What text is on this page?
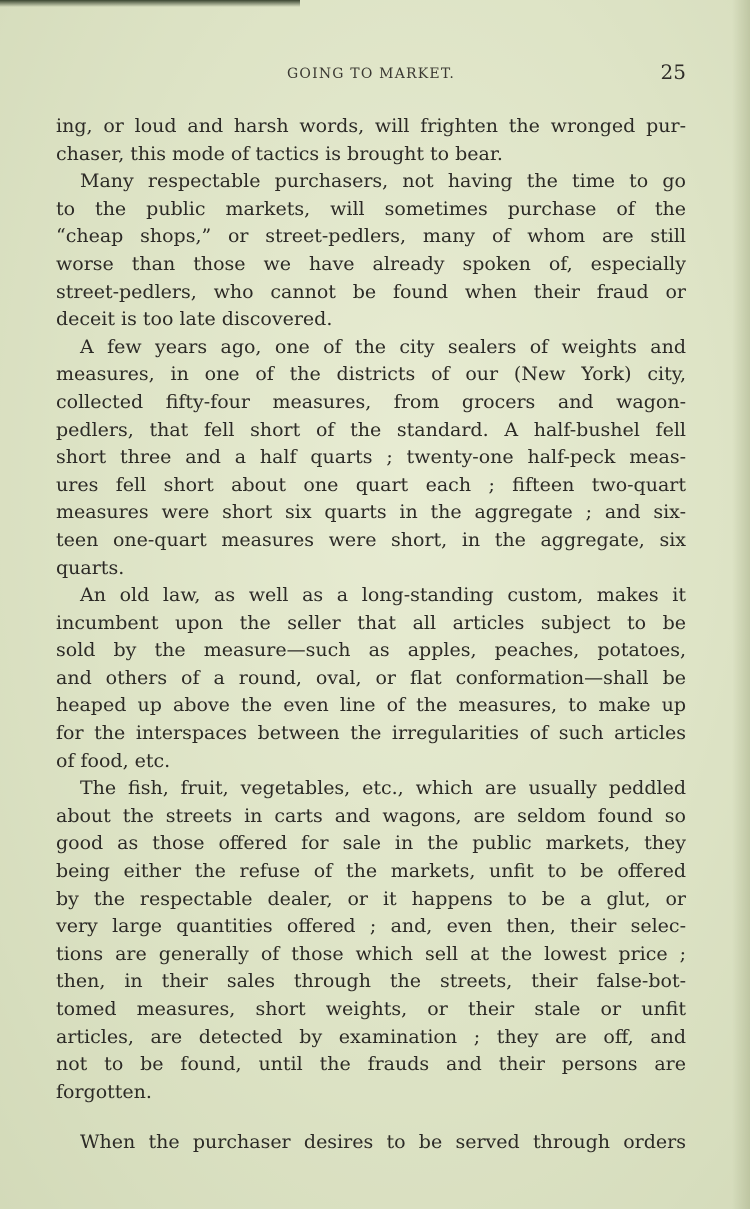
GOING TO MARKET.	25
ing, or loud and harsh words, will frighten the wronged pur-
chaser, this mode of tactics is brought to bear.
Many respectable purchasers, not having the time to go
to the public markets, will sometimes purchase of the
“cheap shops,” or street-pedlers, many of whom are still
worse than those we have already spoken of, especially
street-pedlers, who cannot be found when their fraud or
deceit is too late discovered.
A few years ago, one of the city sealers of weights and
measures, in one of the districts of our (New York) city,
collected fifty-four measures, from grocers and wagon-
pedlers, that fell short of the standard. A half-bushel fell
short three and a half quarts ; twenty-one half-peck meas-
ures fell short about one quart each ; fifteen two-quart
measures were short six quarts in the aggregate ; and six-
teen one-quart measures were short, in the aggregate, six
quarts.
An old law, as well as a long-standing custom, makes it
incumbent upon the seller that all articles subject to be
sold by the measure—such as apples, peaches, potatoes,
and others of a round, oval, or flat conformation—shall be
heaped up above the even line of the measures, to make up
for the interspaces between the irregularities of such articles
of food, etc.
The fish, fruit, vegetables, etc., which are usually peddled
about the streets in carts and wagons, are seldom found so
good as those offered for sale in the public markets, they
being either the refuse of the markets, unfit to be offered
by the respectable dealer, or it happens to be a glut, or
very large quantities offered ; and, even then, their selec-
tions are generally of those which sell at the lowest price ;
then, in their sales through the streets, their false-bot-
tomed measures, short weights, or their stale or unfit
articles, are detected by examination ; they are off, and
not to be found, until the frauds and their persons are
forgotten.
When the purchaser desires to be served through orders
